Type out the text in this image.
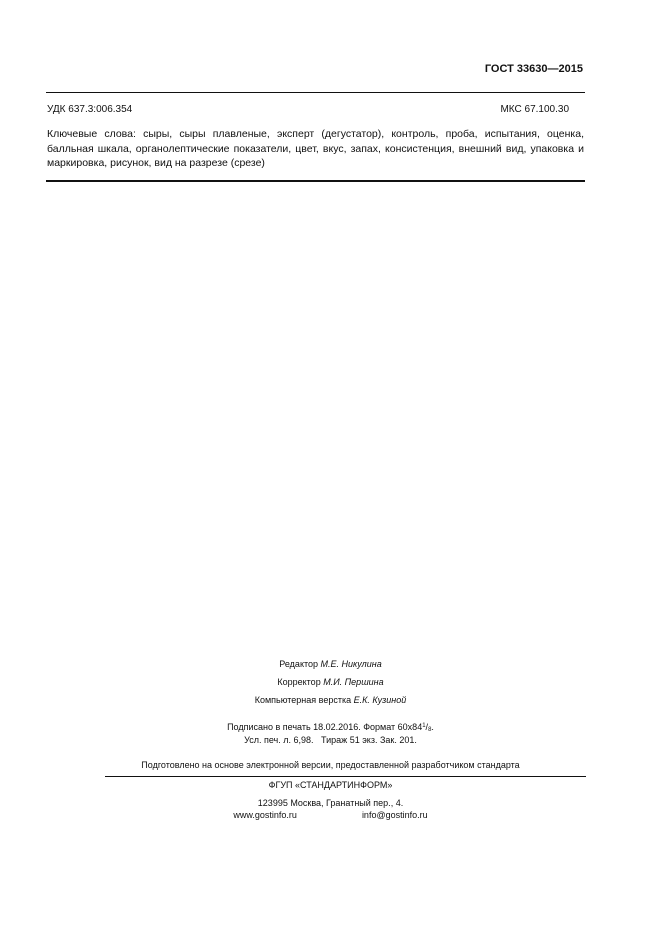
ГОСТ 33630—2015
УДК 637.3:006.354	МКС 67.100.30
Ключевые слова: сыры, сыры плавленые, эксперт (дегустатор), контроль, проба, испытания, оценка, балльная шкала, органолептические показатели, цвет, вкус, запах, консистенция, внешний вид, упаковка и маркировка, рисунок, вид на разрезе (срезе)
Редактор М.Е. Никулина
Корректор М.И. Першина
Компьютерная верстка Е.К. Кузиной
Подписано в печать 18.02.2016. Формат $60x84^1/8$.
Усл. печ. л. 6,98. Тираж 51 экз. Зак. 201.
Подготовлено на основе электронной версии, предоставленной разработчиком стандарта
ФГУП «СТАНДАРТИНФОРМ»
123995 Москва, Гранатный пер., 4.
www.gostinfo.ru	info@gostinfo.ru
